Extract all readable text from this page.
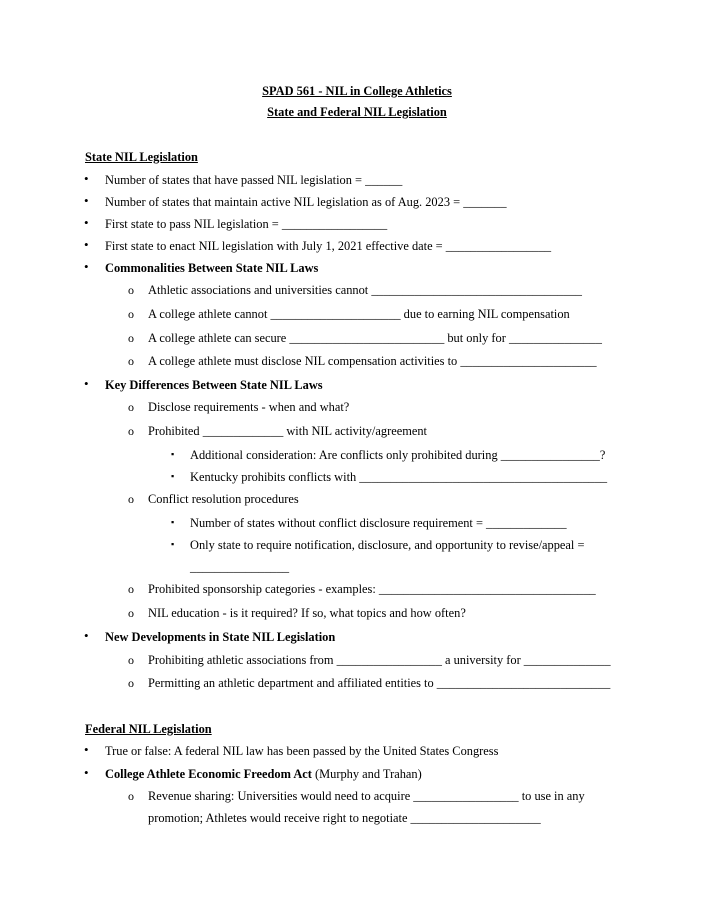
SPAD 561 - NIL in College Athletics
State and Federal NIL Legislation
State NIL Legislation
• Number of states that have passed NIL legislation = ______
• Number of states that maintain active NIL legislation as of Aug. 2023 = _______
• First state to pass NIL legislation = _________________
• First state to enact NIL legislation with July 1, 2021 effective date = _________________
• Commonalities Between State NIL Laws
o Athletic associations and universities cannot __________________________________
o A college athlete cannot _____________________ due to earning NIL compensation
o A college athlete can secure _________________________ but only for _______________
o A college athlete must disclose NIL compensation activities to ______________________
• Key Differences Between State NIL Laws
o Disclose requirements - when and what?
o Prohibited _____________ with NIL activity/agreement
▪ Additional consideration: Are conflicts only prohibited during ________________?
▪ Kentucky prohibits conflicts with ________________________________________
o Conflict resolution procedures
▪ Number of states without conflict disclosure requirement = _____________
▪ Only state to require notification, disclosure, and opportunity to revise/appeal =
________________
o Prohibited sponsorship categories - examples: ___________________________________
o NIL education - is it required? If so, what topics and how often?
• New Developments in State NIL Legislation
o Prohibiting athletic associations from _________________ a university for ______________
o Permitting an athletic department and affiliated entities to ____________________________
Federal NIL Legislation
• True or false: A federal NIL law has been passed by the United States Congress
• College Athlete Economic Freedom Act (Murphy and Trahan)
o Revenue sharing: Universities would need to acquire _________________ to use in any
promotion; Athletes would receive right to negotiate _____________________
